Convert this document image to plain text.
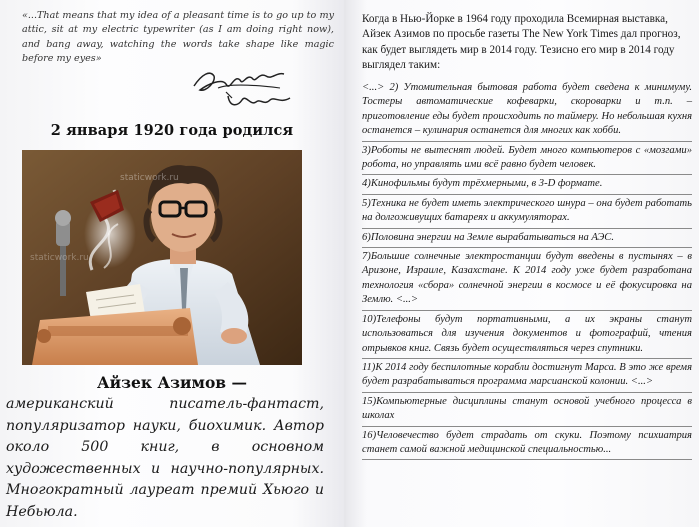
«...That means that my idea of a pleasant time is to go up to my attic, sit at my electric typewriter (as I am doing right now), and bang away, watching the words take shape like magic before my eyes»

2 января 1920 года родился
staticwork.ru
staticwork.ru
Айзек Азимов —

американский писатель-фантаст, популяризатор науки, биохимик. Автор около 500 книг, в основном художественных и научно-популярных. Многократный лауреат премий Хьюго и Небьюла.

Когда в Нью-Йорке в 1964 году проходила Всемирная выставка, Айзек Азимов по просьбе газеты The New York Times дал прогноз, как будет выглядеть мир в 2014 году. Тезисно его мир в 2014 году выглядел таким:

<...> 2) Утомительная бытовая работа будет сведена к минимуму. Тостеры автоматические кофеварки, скороварки и т.п. – приготовление еды будет происходить по таймеру. Но небольшая кухня останется – кулинария останется для многих как хобби.
3)Роботы не вытеснят людей. Будет много компьютеров с «мозгами» робота, но управлять ими всё равно будет человек.
4)Кинофильмы будут трёхмерными, в 3-D формате.
5)Техника не будет иметь электрического шнура – она будет работать на долгоживущих батареях и аккумуляторах.
6)Половина энергии на Земле вырабатываться на АЭС.
7)Большие солнечные электростанции будут введены в пустынях – в Аризоне, Израиле, Казахстане. К 2014 году уже будет разработана технология «сбора» солнечной энергии в космосе и её фокусировка на Землю. <...>
10)Телефоны будут портативными, а их экраны станут использоваться для изучения документов и фотографий, чтения отрывков книг. Связь будет осуществляться через спутники.
11)К 2014 году беспилотные корабли достигнут Марса. В это же время будет разрабатываться программа марсианской колонии. <...>
15)Компьютерные дисциплины станут основой учебного процесса в школах
16)Человечество будет страдать от скуки. Поэтому психиатрия станет самой важной медицинской специальностью...
